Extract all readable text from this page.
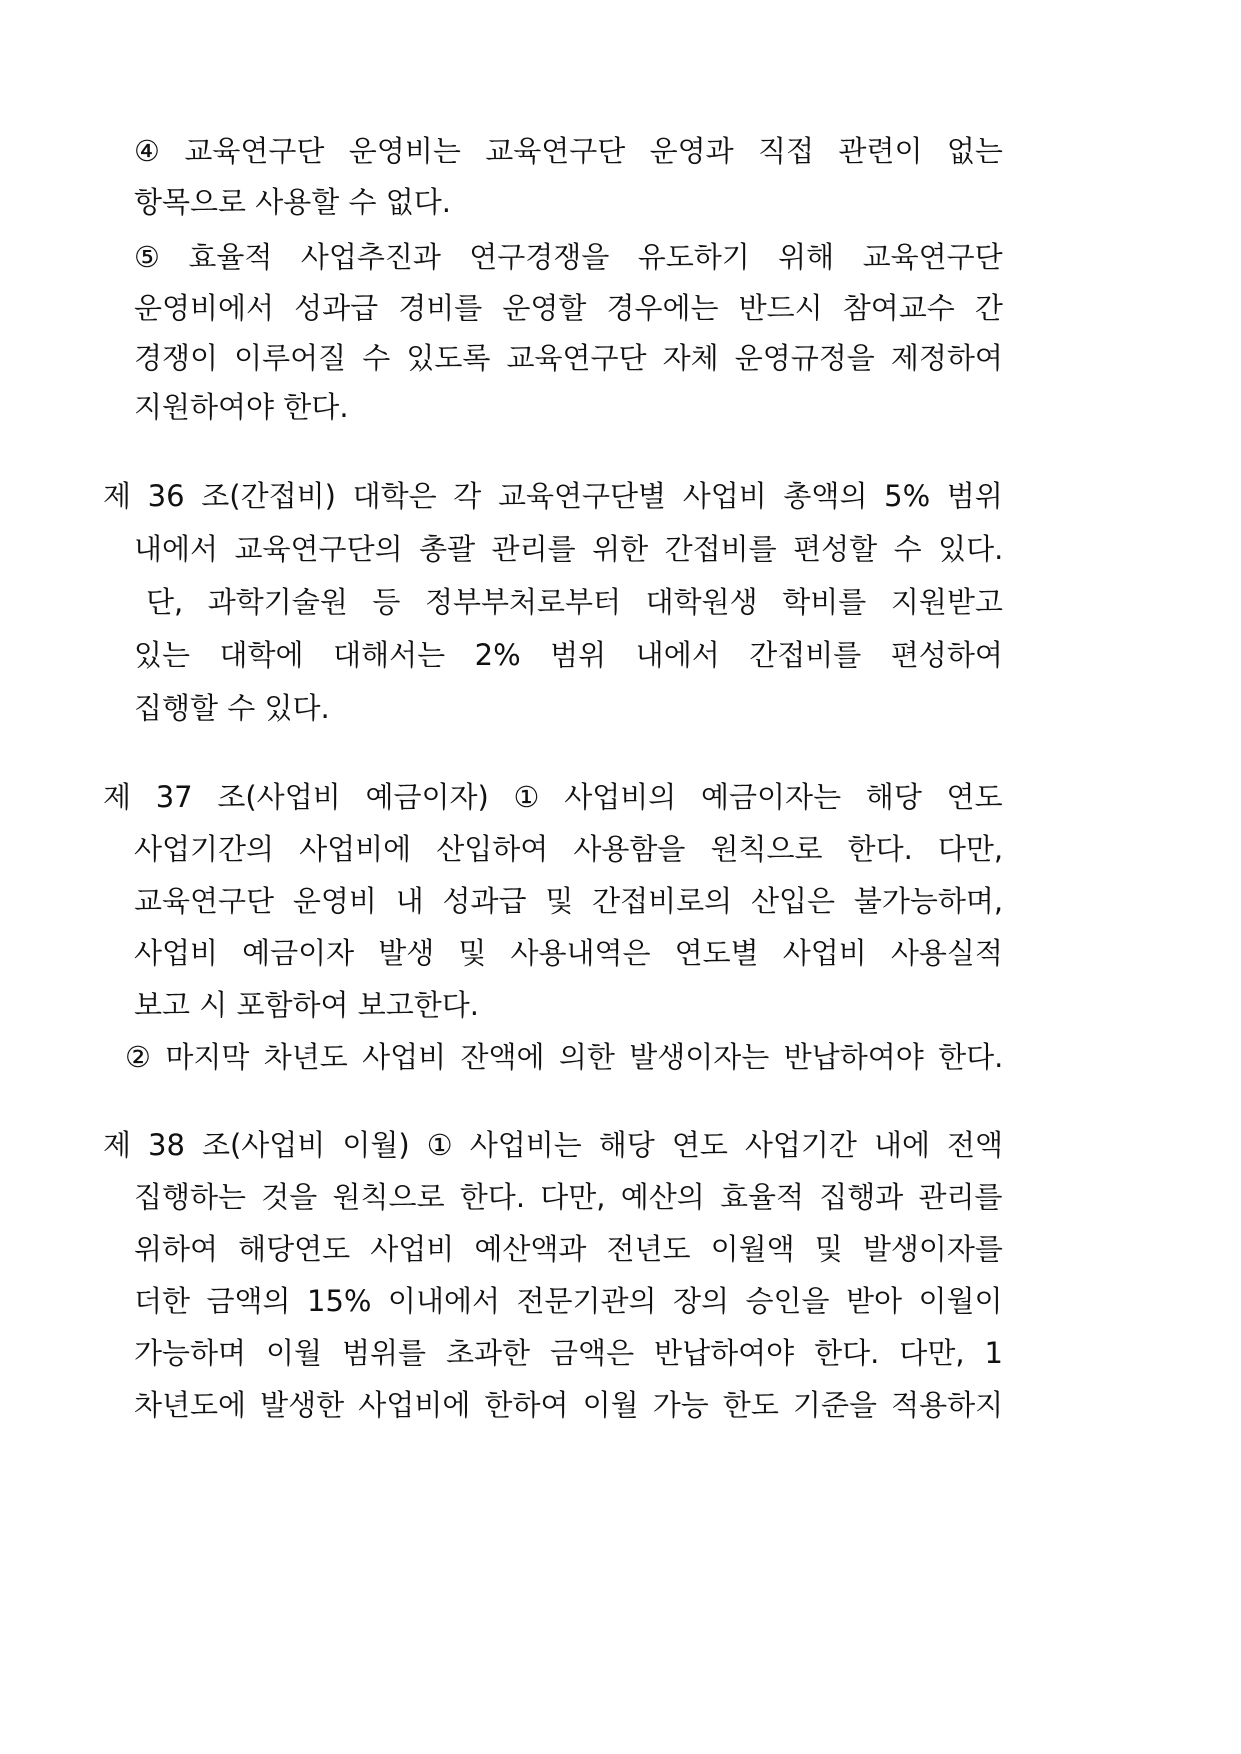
④ 교육연구단 운영비는 교육연구단 운영과 직접 관련이 없는
항목으로 사용할 수 없다.
⑤ 효율적 사업추진과 연구경쟁을 유도하기 위해 교육연구단
운영비에서 성과급 경비를 운영할 경우에는 반드시 참여교수 간
경쟁이 이루어질 수 있도록 교육연구단 자체 운영규정을 제정하여
지원하여야 한다.
제 36 조(간접비) 대학은 각 교육연구단별 사업비 총액의 5% 범위
내에서 교육연구단의 총괄 관리를 위한 간접비를 편성할 수 있다.
단, 과학기술원 등 정부부처로부터 대학원생 학비를 지원받고
있는 대학에 대해서는 2% 범위 내에서 간접비를 편성하여
집행할 수 있다.
제 37 조(사업비 예금이자) ① 사업비의 예금이자는 해당 연도
사업기간의 사업비에 산입하여 사용함을 원칙으로 한다. 다만,
교육연구단 운영비 내 성과급 및 간접비로의 산입은 불가능하며,
사업비 예금이자 발생 및 사용내역은 연도별 사업비 사용실적
보고 시 포함하여 보고한다.
② 마지막 차년도 사업비 잔액에 의한 발생이자는 반납하여야 한다.
제 38 조(사업비 이월) ① 사업비는 해당 연도 사업기간 내에 전액
집행하는 것을 원칙으로 한다. 다만, 예산의 효율적 집행과 관리를
위하여 해당연도 사업비 예산액과 전년도 이월액 및 발생이자를
더한 금액의 15% 이내에서 전문기관의 장의 승인을 받아 이월이
가능하며 이월 범위를 초과한 금액은 반납하여야 한다. 다만, 1
차년도에 발생한 사업비에 한하여 이월 가능 한도 기준을 적용하지
